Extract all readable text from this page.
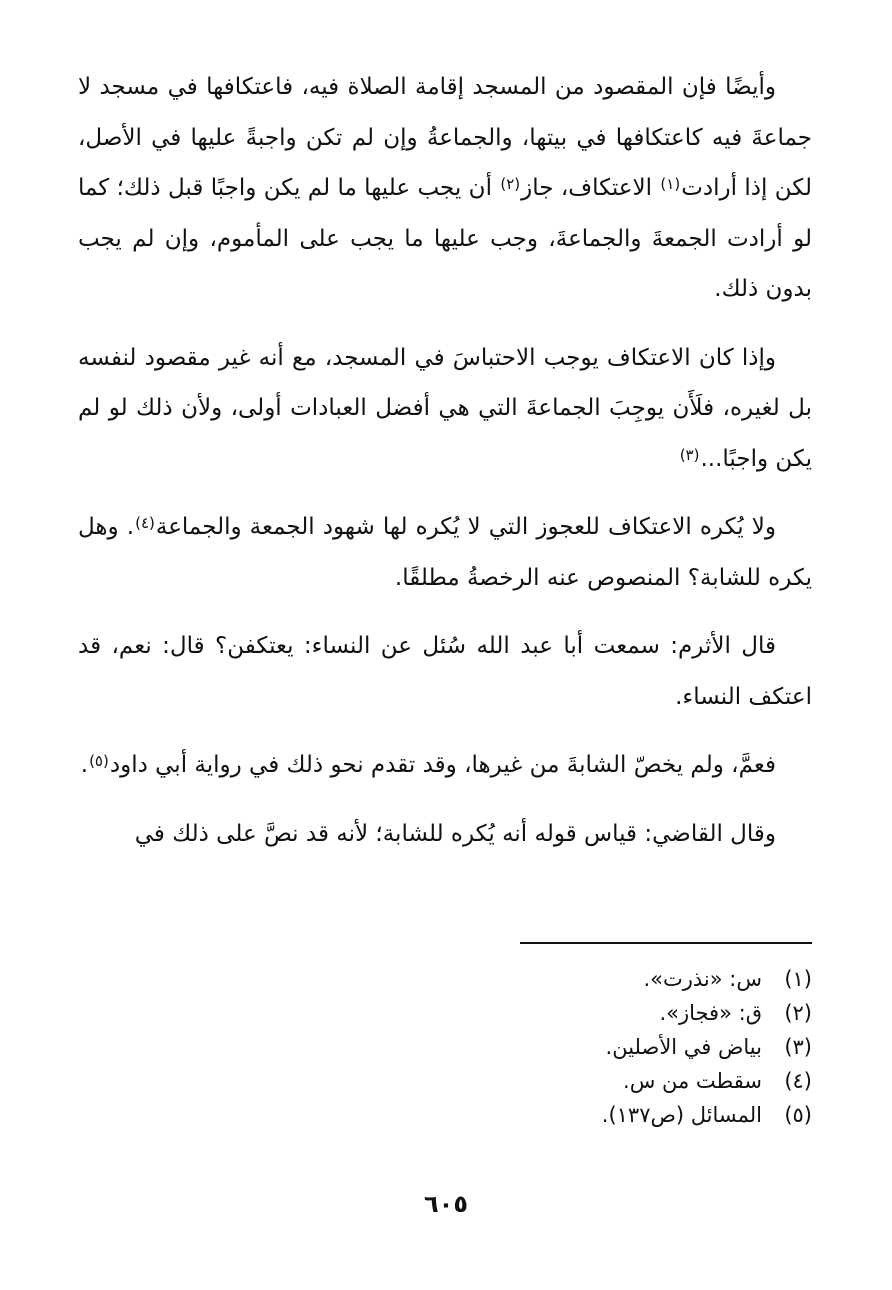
وأيضًا فإن المقصود من المسجد إقامة الصلاة فيه، فاعتكافها في مسجد لا جماعةَ فيه كاعتكافها في بيتها، والجماعةُ وإن لم تكن واجبةً عليها في الأصل، لكن إذا أرادت$^{(١)}$ الاعتكاف، جاز$^{(٢)}$ أن يجب عليها ما لم يكن واجبًا قبل ذلك؛ كما لو أرادت الجمعةَ والجماعةَ، وجب عليها ما يجب على المأموم، وإن لم يجب بدون ذلك.

وإذا كان الاعتكاف يوجب الاحتباسَ في المسجد، مع أنه غير مقصود لنفسه بل لغيره، فلَأَن يوجِبَ الجماعةَ التي هي أفضل العبادات أولى، ولأن ذلك لو لم يكن واجبًا...$^{(٣)}$

ولا يُكره الاعتكاف للعجوز التي لا يُكره لها شهود الجمعة والجماعة$^{(٤)}$. وهل يكره للشابة؟ المنصوص عنه الرخصةُ مطلقًا.

قال الأثرم: سمعت أبا عبد الله سُئل عن النساء: يعتكفن؟ قال: نعم، قد اعتكف النساء.

فعمَّ، ولم يخصّ الشابةَ من غيرها، وقد تقدم نحو ذلك في رواية أبي داود$^{(٥)}$.

وقال القاضي: قياس قوله أنه يُكره للشابة؛ لأنه قد نصَّ على ذلك في

(١)س: «نذرت».
(٢)ق: «فجاز».
(٣)بياض في الأصلين.
(٤)سقطت من س.
(٥)المسائل (ص١٣٧).
٦٠٥
